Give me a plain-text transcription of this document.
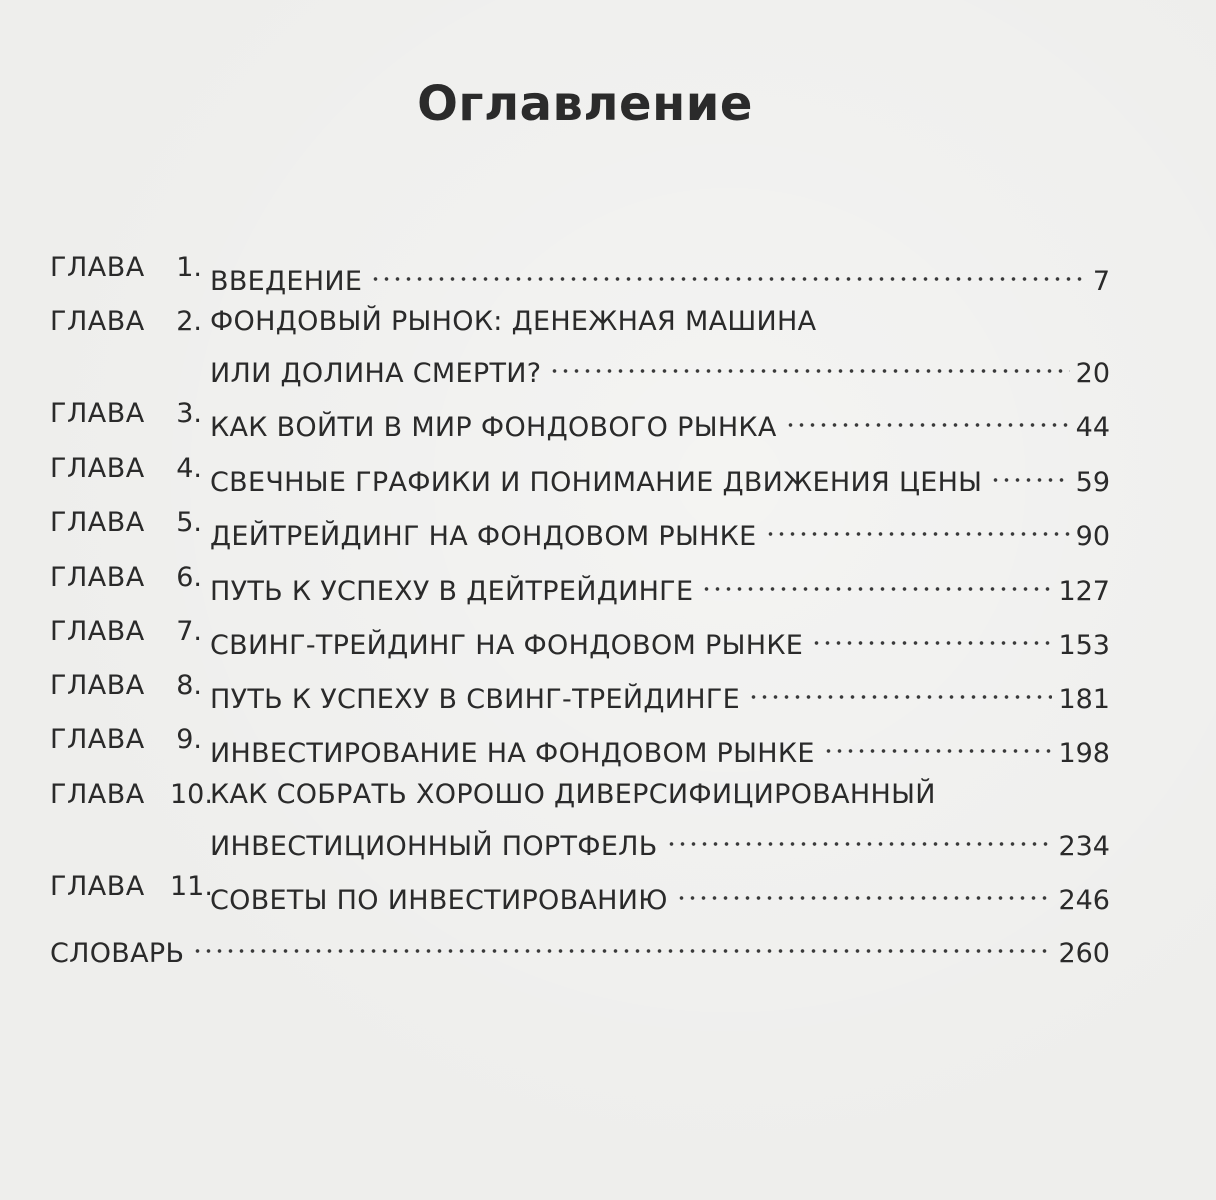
Оглавление
ГЛАВА 1. ВВЕДЕНИЕ	7
ГЛАВА 2. ФОНДОВЫЙ РЫНОК: ДЕНЕЖНАЯ МАШИНА
ИЛИ ДОЛИНА СМЕРТИ?	20
ГЛАВА 3. КАК ВОЙТИ В МИР ФОНДОВОГО РЫНКА	44
ГЛАВА 4. СВЕЧНЫЕ ГРАФИКИ И ПОНИМАНИЕ ДВИЖЕНИЯ ЦЕНЫ	59
ГЛАВА 5. ДЕЙТРЕЙДИНГ НА ФОНДОВОМ РЫНКЕ	90
ГЛАВА 6. ПУТЬ К УСПЕХУ В ДЕЙТРЕЙДИНГЕ	127
ГЛАВА 7. СВИНГ-ТРЕЙДИНГ НА ФОНДОВОМ РЫНКЕ	153
ГЛАВА 8. ПУТЬ К УСПЕХУ В СВИНГ-ТРЕЙДИНГЕ	181
ГЛАВА 9. ИНВЕСТИРОВАНИЕ НА ФОНДОВОМ РЫНКЕ	198
ГЛАВА 10.
КАК СОБРАТЬ ХОРОШО ДИВЕРСИФИЦИРОВАННЫЙ
ИНВЕСТИЦИОННЫЙ ПОРТФЕЛЬ	234
ГЛАВА 11.
СОВЕТЫ ПО ИНВЕСТИРОВАНИЮ	246
СЛОВАРЬ	260
